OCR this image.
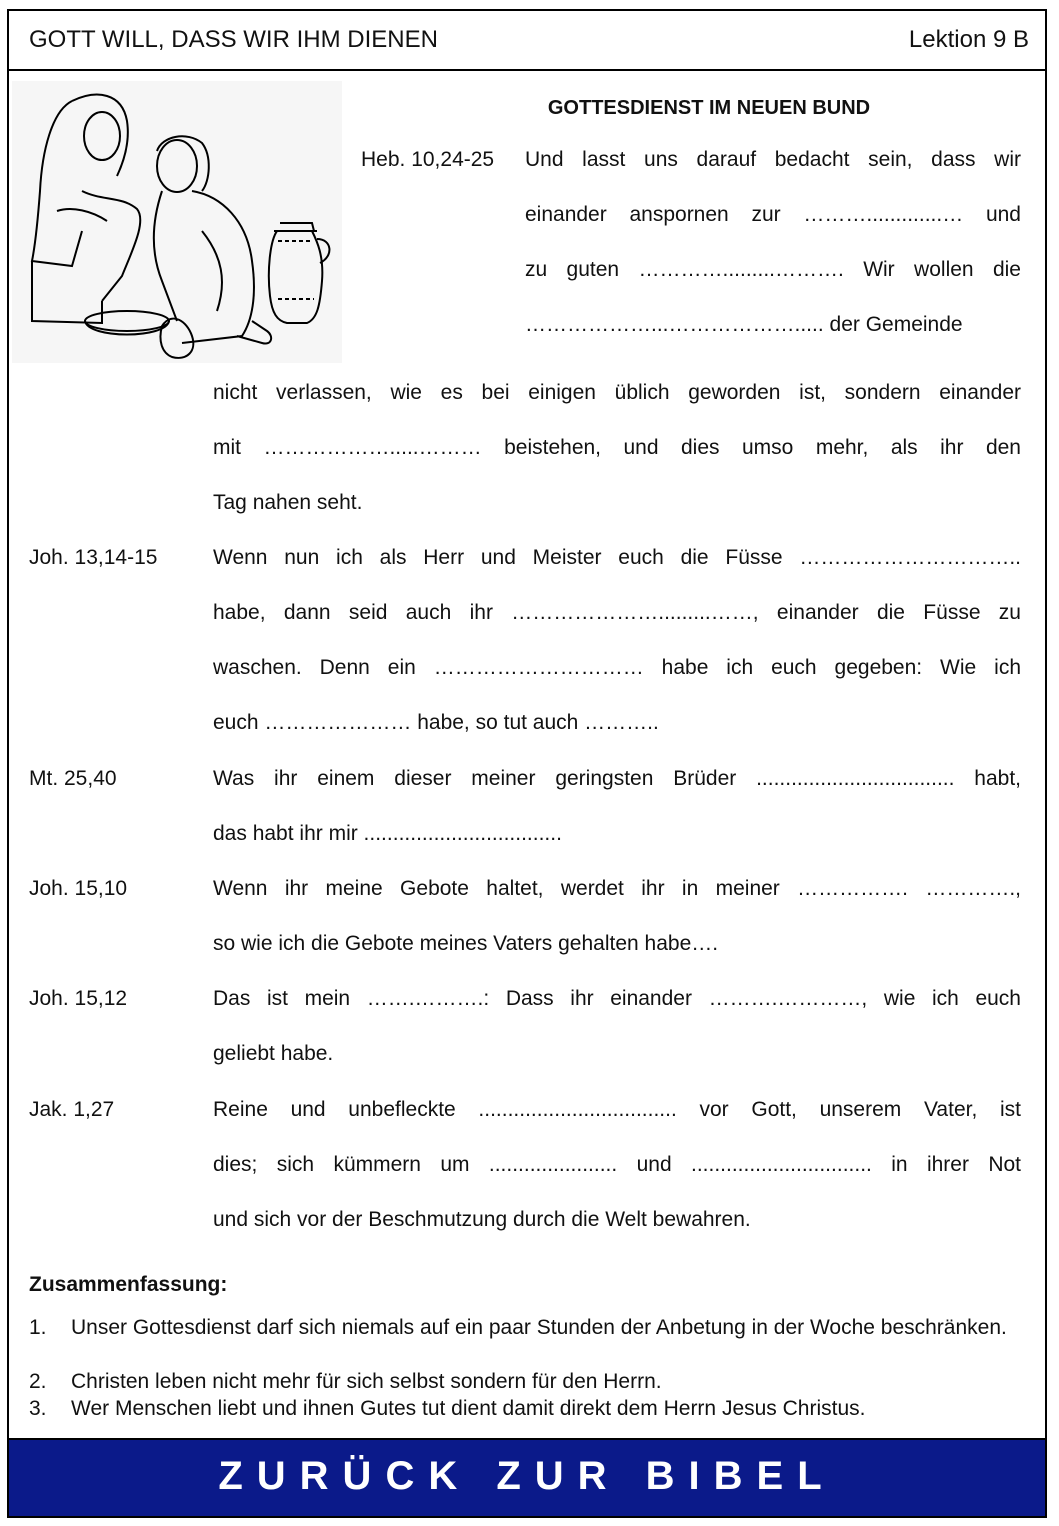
GOTT WILL, DASS WIR IHM DIENEN	Lektion 9 B
GOTTESDIENST IM NEUEN BUND
Heb. 10,24-25 Und lasst uns darauf bedacht sein, dass wir
einander anspornen zur ……….............… und
zu guten ………….........………. Wir wollen die
………………...………………..... der Gemeinde
nicht verlassen, wie es bei einigen üblich geworden ist, sondern einander
mit ……………….....……… beistehen, und dies umso mehr, als ihr den
Tag nahen seht.
Joh. 13,14-15	Wenn nun ich als Herr und Meister euch die Füsse …………………………..
habe, dann seid auch ihr ………………….........……, einander die Füsse zu
waschen. Denn ein ………………………… habe ich euch gegeben: Wie ich
euch ………………… habe, so tut auch ………..
Mt. 25,40	Was ihr einem dieser meiner geringsten Brüder .................................. habt,
das habt ihr mir ..................................
Joh. 15,10	Wenn ihr meine Gebote haltet, werdet ihr in meiner ……………. ………….,
so wie ich die Gebote meines Vaters gehalten habe….
Joh. 15,12	Das ist mein …….……….: Dass ihr einander ……….…………, wie ich euch
geliebt habe.
Jak. 1,27	Reine und unbefleckte .................................. vor Gott, unserem Vater, ist
dies; sich kümmern um ...................... und ............................... in ihrer Not
und sich vor der Beschmutzung durch die Welt bewahren.
Zusammenfassung:
1. Unser Gottesdienst darf sich niemals auf ein paar Stunden der Anbetung in der Woche beschränken.
2. Christen leben nicht mehr für sich selbst sondern für den Herrn.
3. Wer Menschen liebt und ihnen Gutes tut dient damit direkt dem Herrn Jesus Christus.
ZURÜCK ZUR BIBEL
